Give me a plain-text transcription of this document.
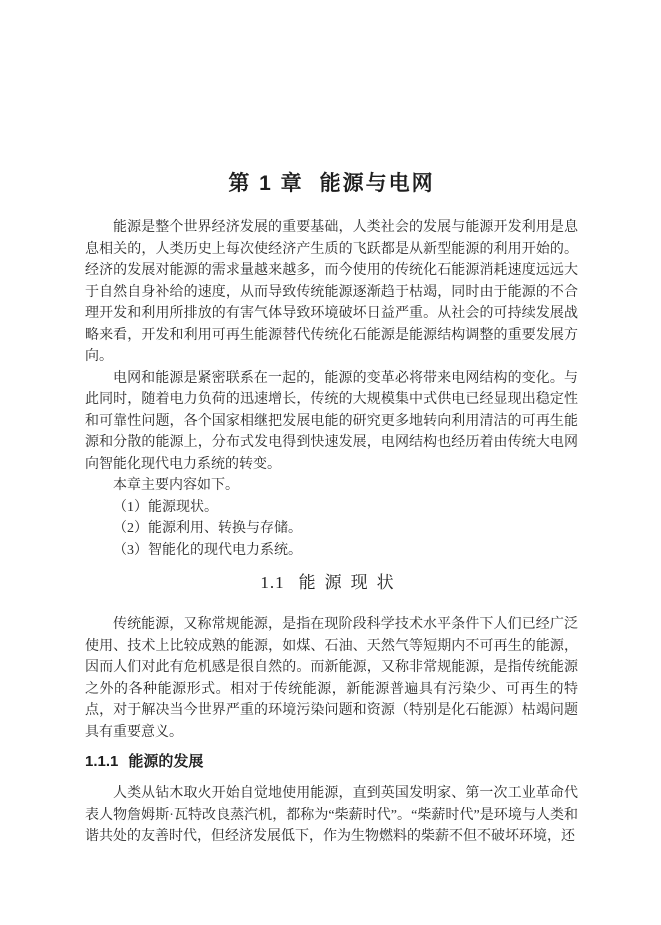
第 1 章 能源与电网

能源是整个世界经济发展的重要基础，人类社会的发展与能源开发利用是息息相关的，人类历史上每次使经济产生质的飞跃都是从新型能源的利用开始的。经济的发展对能源的需求量越来越多，而今使用的传统化石能源消耗速度远远大于自然自身补给的速度，从而导致传统能源逐渐趋于枯竭，同时由于能源的不合理开发和利用所排放的有害气体导致环境破坏日益严重。从社会的可持续发展战略来看，开发和利用可再生能源替代传统化石能源是能源结构调整的重要发展方向。

电网和能源是紧密联系在一起的，能源的变革必将带来电网结构的变化。与此同时，随着电力负荷的迅速增长，传统的大规模集中式供电已经显现出稳定性和可靠性问题，各个国家相继把发展电能的研究更多地转向利用清洁的可再生能源和分散的能源上，分布式发电得到快速发展，电网结构也经历着由传统大电网向智能化现代电力系统的转变。

本章主要内容如下。

（1）能源现状。

（2）能源利用、转换与存储。

（3）智能化的现代电力系统。

1.1 能源现状

传统能源，又称常规能源，是指在现阶段科学技术水平条件下人们已经广泛使用、技术上比较成熟的能源，如煤、石油、天然气等短期内不可再生的能源，因而人们对此有危机感是很自然的。而新能源，又称非常规能源，是指传统能源之外的各种能源形式。相对于传统能源，新能源普遍具有污染少、可再生的特点，对于解决当今世界严重的环境污染问题和资源（特别是化石能源）枯竭问题具有重要意义。

1.1.1 能源的发展

人类从钻木取火开始自觉地使用能源，直到英国发明家、第一次工业革命代表人物詹姆斯·瓦特改良蒸汽机，都称为“柴薪时代”。“柴薪时代”是环境与人类和谐共处的友善时代，但经济发展低下，作为生物燃料的柴薪不但不破坏环境，还
